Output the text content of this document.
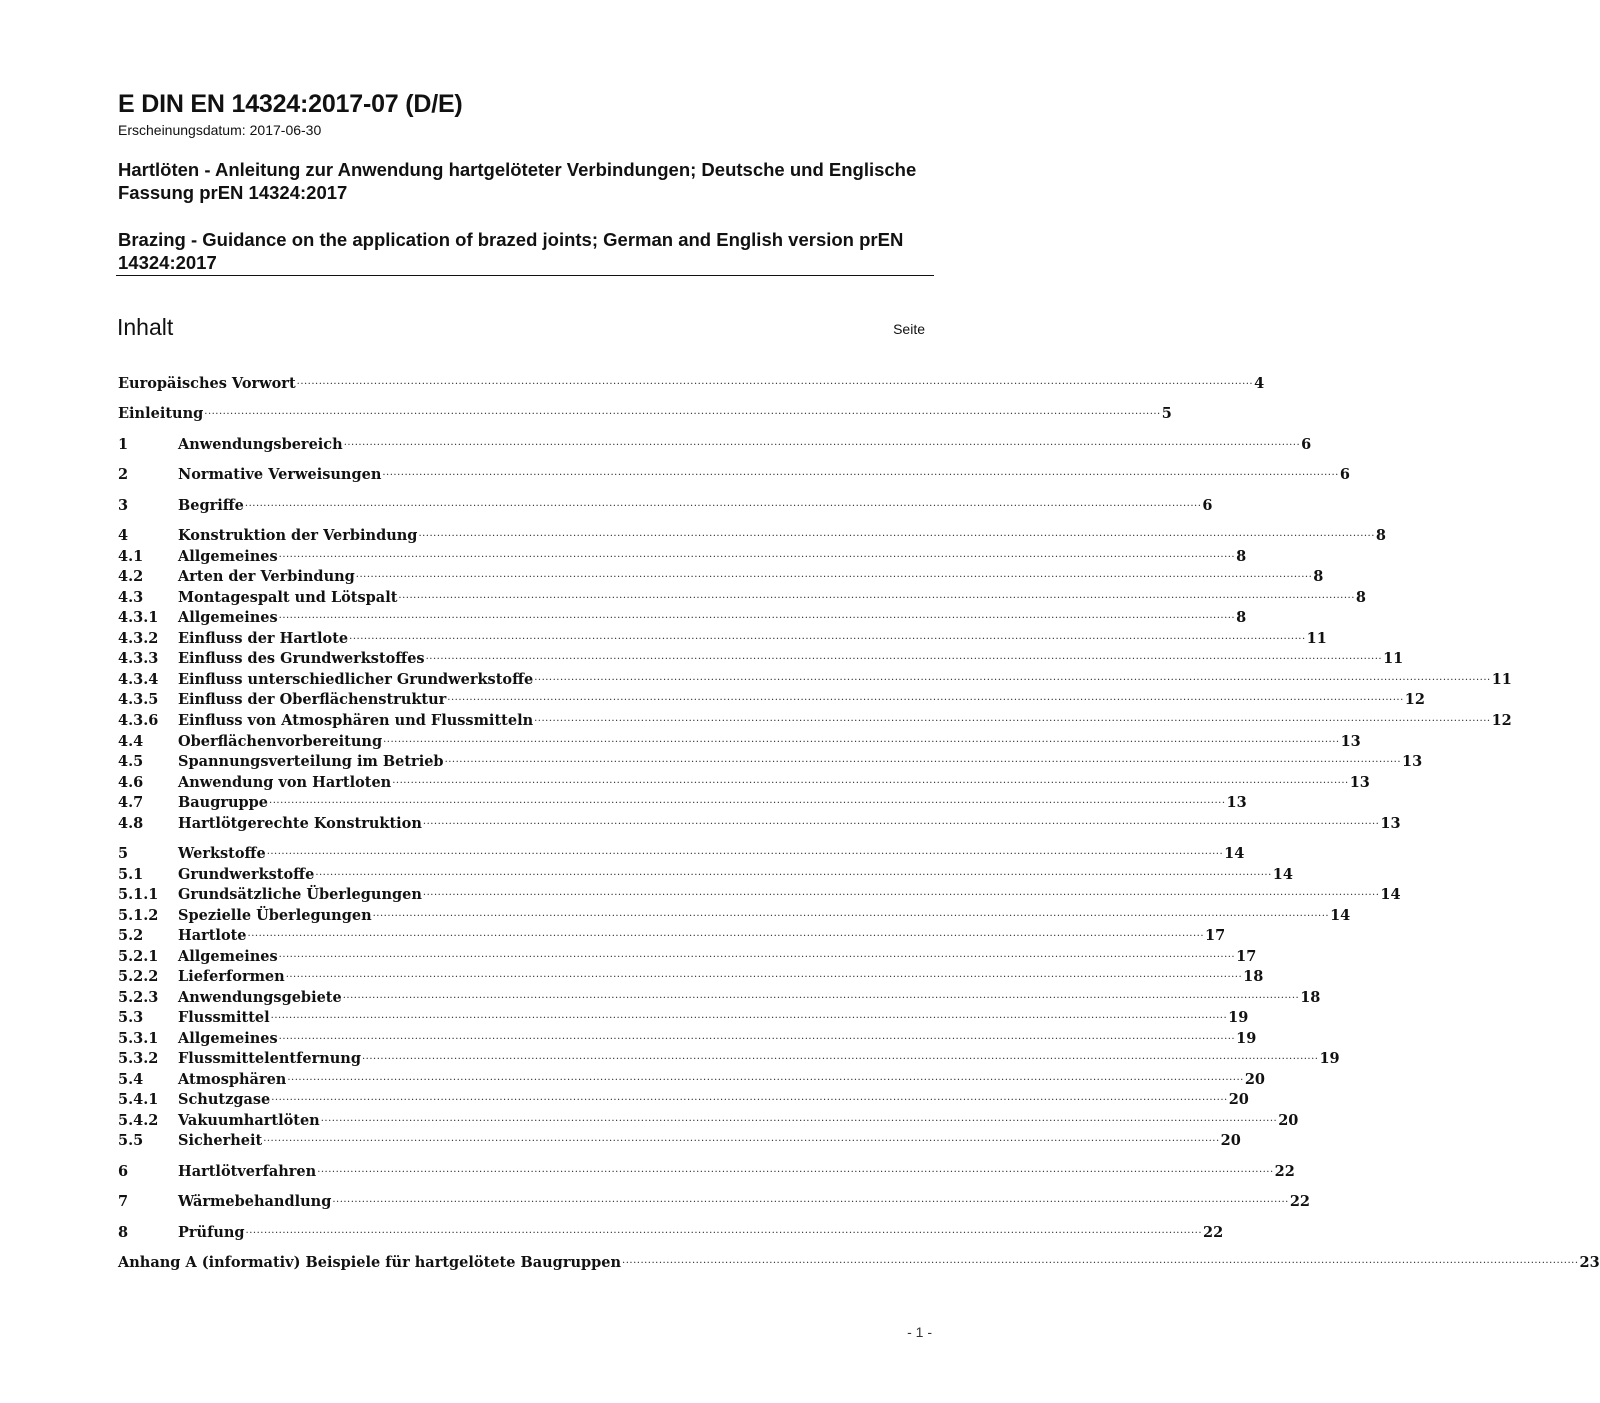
E DIN EN 14324:2017-07 (D/E)
Erscheinungsdatum: 2017-06-30
Hartlöten - Anleitung zur Anwendung hartgelöteter Verbindungen; Deutsche und Englische Fassung prEN 14324:2017
Brazing - Guidance on the application of brazed joints; German and English version prEN 14324:2017
Inhalt	Seite
Europäisches Vorwort .................................................................................................................................................................................................................................................................... 4
Einleitung .................................................................................................................................................................................................................................................................... 5
1	Anwendungsbereich .................................................................................................................................................................................................................................................................... 6
2	Normative Verweisungen .................................................................................................................................................................................................................................................................... 6
3	Begriffe .................................................................................................................................................................................................................................................................... 6
4	Konstruktion der Verbindung .................................................................................................................................................................................................................................................................... 8
4.1	Allgemeines .................................................................................................................................................................................................................................................................... 8
4.2	Arten der Verbindung .................................................................................................................................................................................................................................................................... 8
4.3	Montagespalt und Lötspalt .................................................................................................................................................................................................................................................................... 8
4.3.1	Allgemeines .................................................................................................................................................................................................................................................................... 8
4.3.2	Einfluss der Hartlote .................................................................................................................................................................................................................................................................... 11
4.3.3	Einfluss des Grundwerkstoffes .................................................................................................................................................................................................................................................................... 11
4.3.4	Einfluss unterschiedlicher Grundwerkstoffe .................................................................................................................................................................................................................................................................... 11
4.3.5	Einfluss der Oberflächenstruktur .................................................................................................................................................................................................................................................................... 12
4.3.6	Einfluss von Atmosphären und Flussmitteln .................................................................................................................................................................................................................................................................... 12
4.4	Oberflächenvorbereitung .................................................................................................................................................................................................................................................................... 13
4.5	Spannungsverteilung im Betrieb .................................................................................................................................................................................................................................................................... 13
4.6	Anwendung von Hartloten .................................................................................................................................................................................................................................................................... 13
4.7	Baugruppe .................................................................................................................................................................................................................................................................... 13
4.8	Hartlötgerechte Konstruktion .................................................................................................................................................................................................................................................................... 13
5	Werkstoffe .................................................................................................................................................................................................................................................................... 14
5.1	Grundwerkstoffe .................................................................................................................................................................................................................................................................... 14
5.1.1	Grundsätzliche Überlegungen .................................................................................................................................................................................................................................................................... 14
5.1.2	Spezielle Überlegungen .................................................................................................................................................................................................................................................................... 14
5.2	Hartlote .................................................................................................................................................................................................................................................................... 17
5.2.1	Allgemeines .................................................................................................................................................................................................................................................................... 17
5.2.2	Lieferformen .................................................................................................................................................................................................................................................................... 18
5.2.3	Anwendungsgebiete .................................................................................................................................................................................................................................................................... 18
5.3	Flussmittel .................................................................................................................................................................................................................................................................... 19
5.3.1	Allgemeines .................................................................................................................................................................................................................................................................... 19
5.3.2	Flussmittelentfernung .................................................................................................................................................................................................................................................................... 19
5.4	Atmosphären .................................................................................................................................................................................................................................................................... 20
5.4.1	Schutzgase .................................................................................................................................................................................................................................................................... 20
5.4.2	Vakuumhartlöten .................................................................................................................................................................................................................................................................... 20
5.5	Sicherheit .................................................................................................................................................................................................................................................................... 20
6	Hartlötverfahren .................................................................................................................................................................................................................................................................... 22
7	Wärmebehandlung .................................................................................................................................................................................................................................................................... 22
8	Prüfung .................................................................................................................................................................................................................................................................... 22
Anhang A (informativ) Beispiele für hartgelötete Baugruppen .................................................................................................................................................................................................................................................................... 23
- 1 -
